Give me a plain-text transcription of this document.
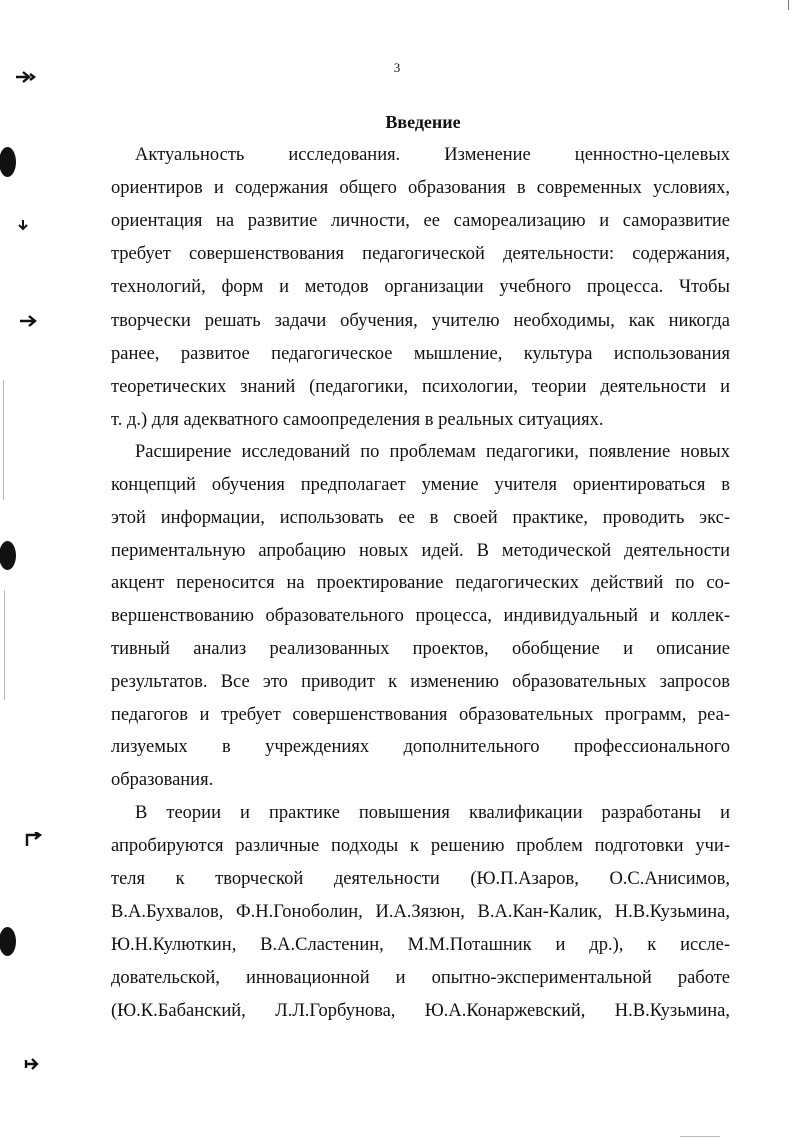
3
Введение
Актуальность исследования. Изменение ценностно-целевых
ориентиров и содержания общего образования в современных условиях,
ориентация на развитие личности, ее самореализацию и саморазвитие
требует совершенствования педагогической деятельности: содержания,
технологий, форм и методов организации учебного процесса. Чтобы
творчески решать задачи обучения, учителю необходимы, как никогда
ранее, развитое педагогическое мышление, культура использования
теоретических знаний (педагогики, психологии, теории деятельности и
т. д.) для адекватного самоопределения в реальных ситуациях.
Расширение исследований по проблемам педагогики, появление новых
концепций обучения предполагает умение учителя ориентироваться в
этой информации, использовать ее в своей практике, проводить экс-
периментальную апробацию новых идей. В методической деятельности
акцент переносится на проектирование педагогических действий по со-
вершенствованию образовательного процесса, индивидуальный и коллек-
тивный анализ реализованных проектов, обобщение и описание
результатов. Все это приводит к изменению образовательных запросов
педагогов и требует совершенствования образовательных программ, реа-
лизуемых в учреждениях дополнительного профессионального
образования.
В теории и практике повышения квалификации разработаны и
апробируются различные подходы к решению проблем подготовки учи-
теля к творческой деятельности (Ю.П.Азаров, О.С.Анисимов,
В.А.Бухвалов, Ф.Н.Гоноболин, И.А.Зязюн, В.А.Кан-Калик, Н.В.Кузьмина,
Ю.Н.Кулюткин, В.А.Сластенин, М.М.Поташник и др.), к иссле-
довательской, инновационной и опытно-экспериментальной работе
(Ю.К.Бабанский, Л.Л.Горбунова, Ю.А.Конаржевский, Н.В.Кузьмина,
